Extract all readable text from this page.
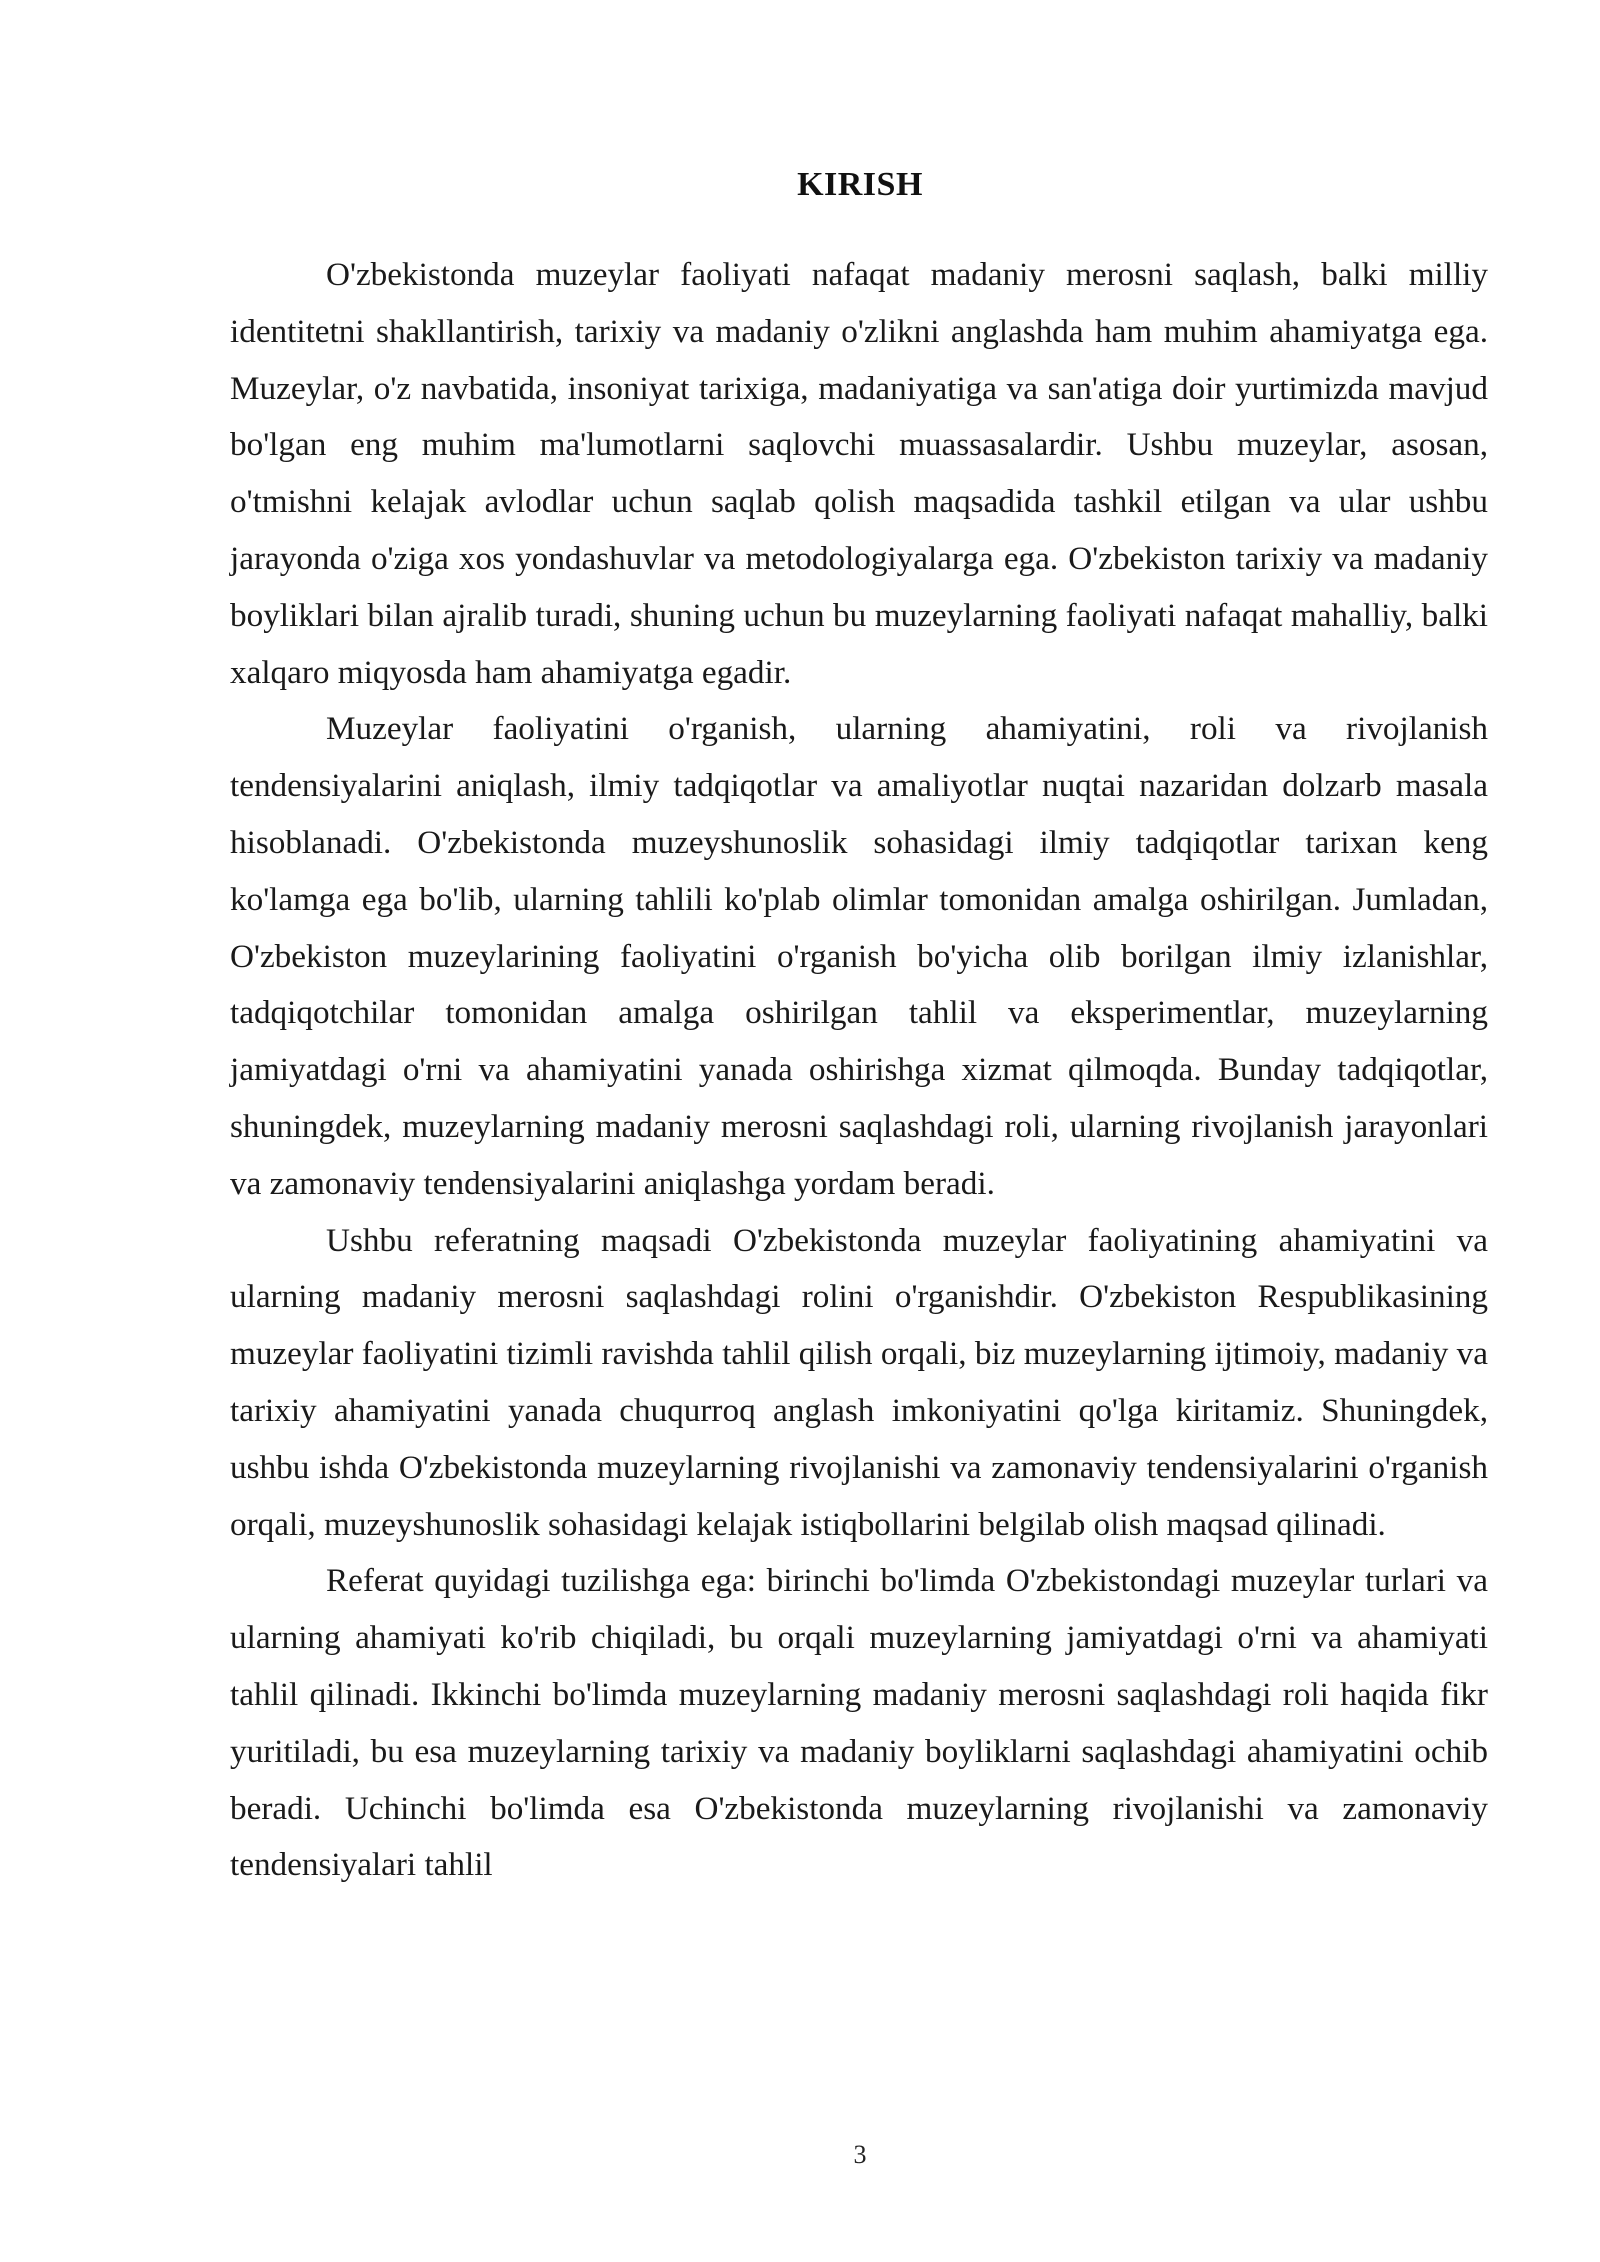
KIRISH

O'zbekistonda muzeylar faoliyati nafaqat madaniy merosni saqlash, balki milliy identitetni shakllantirish, tarixiy va madaniy o'zlikni anglashda ham muhim ahamiyatga ega. Muzeylar, o'z navbatida, insoniyat tarixiga, madaniyatiga va san'atiga doir yurtimizda mavjud bo'lgan eng muhim ma'lumotlarni saqlovchi muassasalardir. Ushbu muzeylar, asosan, o'tmishni kelajak avlodlar uchun saqlab qolish maqsadida tashkil etilgan va ular ushbu jarayonda o'ziga xos yondashuvlar va metodologiyalarga ega. O'zbekiston tarixiy va madaniy boyliklari bilan ajralib turadi, shuning uchun bu muzeylarning faoliyati nafaqat mahalliy, balki xalqaro miqyosda ham ahamiyatga egadir.

Muzeylar faoliyatini o'rganish, ularning ahamiyatini, roli va rivojlanish tendensiyalarini aniqlash, ilmiy tadqiqotlar va amaliyotlar nuqtai nazaridan dolzarb masala hisoblanadi. O'zbekistonda muzeyshunoslik sohasidagi ilmiy tadqiqotlar tarixan keng ko'lamga ega bo'lib, ularning tahlili ko'plab olimlar tomonidan amalga oshirilgan. Jumladan, O'zbekiston muzeylarining faoliyatini o'rganish bo'yicha olib borilgan ilmiy izlanishlar, tadqiqotchilar tomonidan amalga oshirilgan tahlil va eksperimentlar, muzeylarning jamiyatdagi o'rni va ahamiyatini yanada oshirishga xizmat qilmoqda. Bunday tadqiqotlar, shuningdek, muzeylarning madaniy merosni saqlashdagi roli, ularning rivojlanish jarayonlari va zamonaviy tendensiyalarini aniqlashga yordam beradi.

Ushbu referatning maqsadi O'zbekistonda muzeylar faoliyatining ahamiyatini va ularning madaniy merosni saqlashdagi rolini o'rganishdir. O'zbekiston Respublikasining muzeylar faoliyatini tizimli ravishda tahlil qilish orqali, biz muzeylarning ijtimoiy, madaniy va tarixiy ahamiyatini yanada chuqurroq anglash imkoniyatini qo'lga kiritamiz. Shuningdek, ushbu ishda O'zbekistonda muzeylarning rivojlanishi va zamonaviy tendensiyalarini o'rganish orqali, muzeyshunoslik sohasidagi kelajak istiqbollarini belgilab olish maqsad qilinadi.

Referat quyidagi tuzilishga ega: birinchi bo'limda O'zbekistondagi muzeylar turlari va ularning ahamiyati ko'rib chiqiladi, bu orqali muzeylarning jamiyatdagi o'rni va ahamiyati tahlil qilinadi. Ikkinchi bo'limda muzeylarning madaniy merosni saqlashdagi roli haqida fikr yuritiladi, bu esa muzeylarning tarixiy va madaniy boyliklarni saqlashdagi ahamiyatini ochib beradi. Uchinchi bo'limda esa O'zbekistonda muzeylarning rivojlanishi va zamonaviy tendensiyalari tahlil

3
